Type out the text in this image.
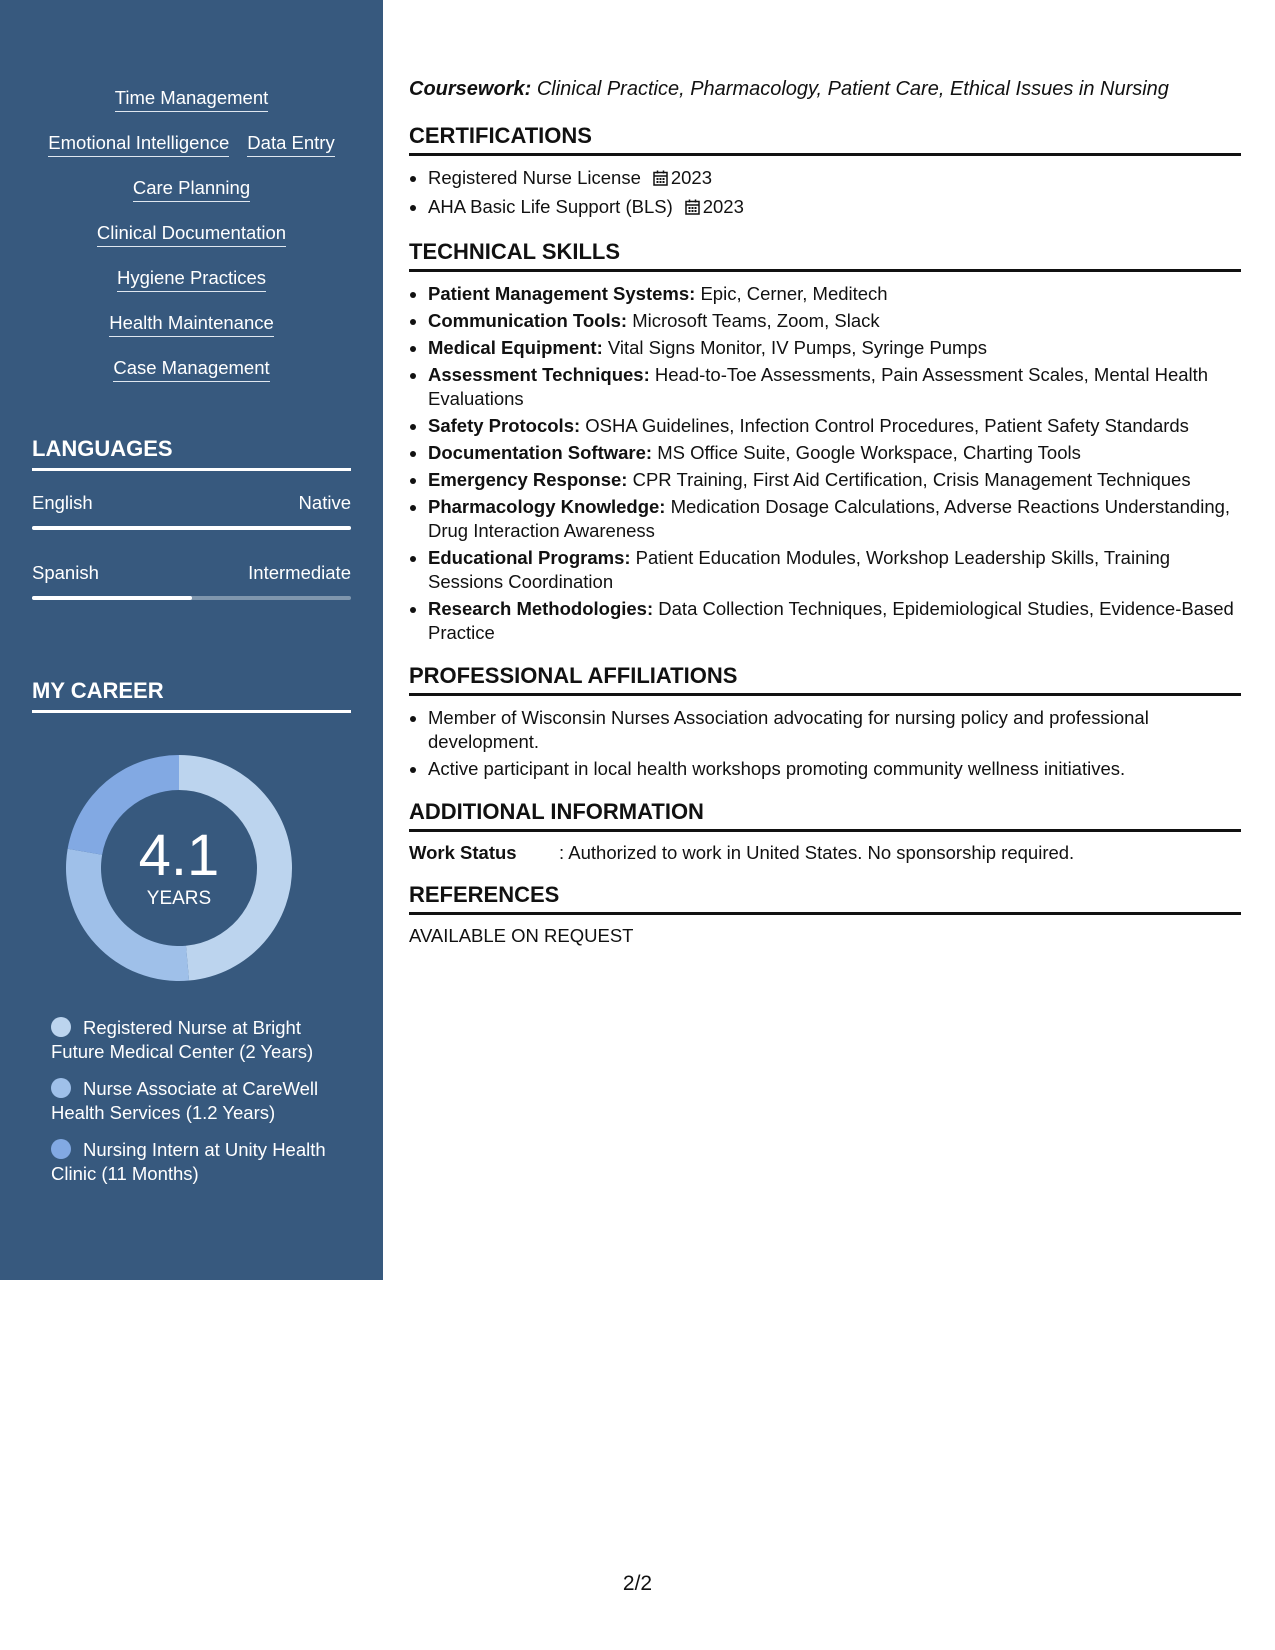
Time Management
Emotional Intelligence Data Entry
Care Planning
Clinical Documentation
Hygiene Practices
Health Maintenance
Case Management
LANGUAGES
English	Native
Spanish	Intermediate
MY CAREER
4.1
YEARS
Registered Nurse at Bright Future Medical Center (2 Years)
Nurse Associate at CareWell Health Services (1.2 Years)
Nursing Intern at Unity Health Clinic (11 Months)
Coursework: Clinical Practice, Pharmacology, Patient Care, Ethical Issues in Nursing
CERTIFICATIONS
• Registered Nurse License 2023
• AHA Basic Life Support (BLS) 2023
TECHNICAL SKILLS
• Patient Management Systems: Epic, Cerner, Meditech
• Communication Tools: Microsoft Teams, Zoom, Slack
• Medical Equipment: Vital Signs Monitor, IV Pumps, Syringe Pumps
• Assessment Techniques: Head-to-Toe Assessments, Pain Assessment Scales, Mental Health Evaluations
• Safety Protocols: OSHA Guidelines, Infection Control Procedures, Patient Safety Standards
• Documentation Software: MS Office Suite, Google Workspace, Charting Tools
• Emergency Response: CPR Training, First Aid Certification, Crisis Management Techniques
• Pharmacology Knowledge: Medication Dosage Calculations, Adverse Reactions Understanding, Drug Interaction Awareness
• Educational Programs: Patient Education Modules, Workshop Leadership Skills, Training Sessions Coordination
• Research Methodologies: Data Collection Techniques, Epidemiological Studies, Evidence-Based Practice
PROFESSIONAL AFFILIATIONS
• Member of Wisconsin Nurses Association advocating for nursing policy and professional development.
• Active participant in local health workshops promoting community wellness initiatives.
ADDITIONAL INFORMATION
Work Status : Authorized to work in United States. No sponsorship required.
REFERENCES
AVAILABLE ON REQUEST
2/2
